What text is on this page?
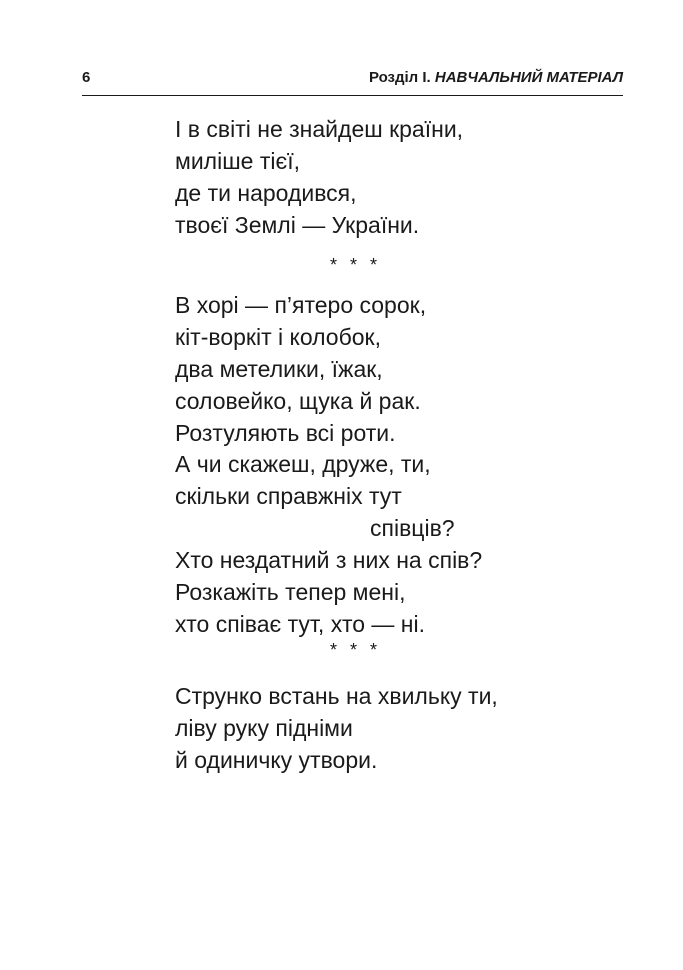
6	Розділ І. НАВЧАЛЬНИЙ МАТЕРІАЛ
І в світі не знайдеш країни,
миліше тієї,
де ти народився,
твоєї Землі — України.
* * *
В хорі — п’ятеро сорок,
кіт-воркіт і колобок,
два метелики, їжак,
соловейко, щука й рак.
Розтуляють всі роти.
А чи скажеш, друже, ти,
скільки справжніх тут
співців?
Хто нездатний з них на спів?
Розкажіть тепер мені,
хто співає тут, хто — ні.
* * *
Струнко встань на хвильку ти,
ліву руку підніми
й одиничку утвори.
